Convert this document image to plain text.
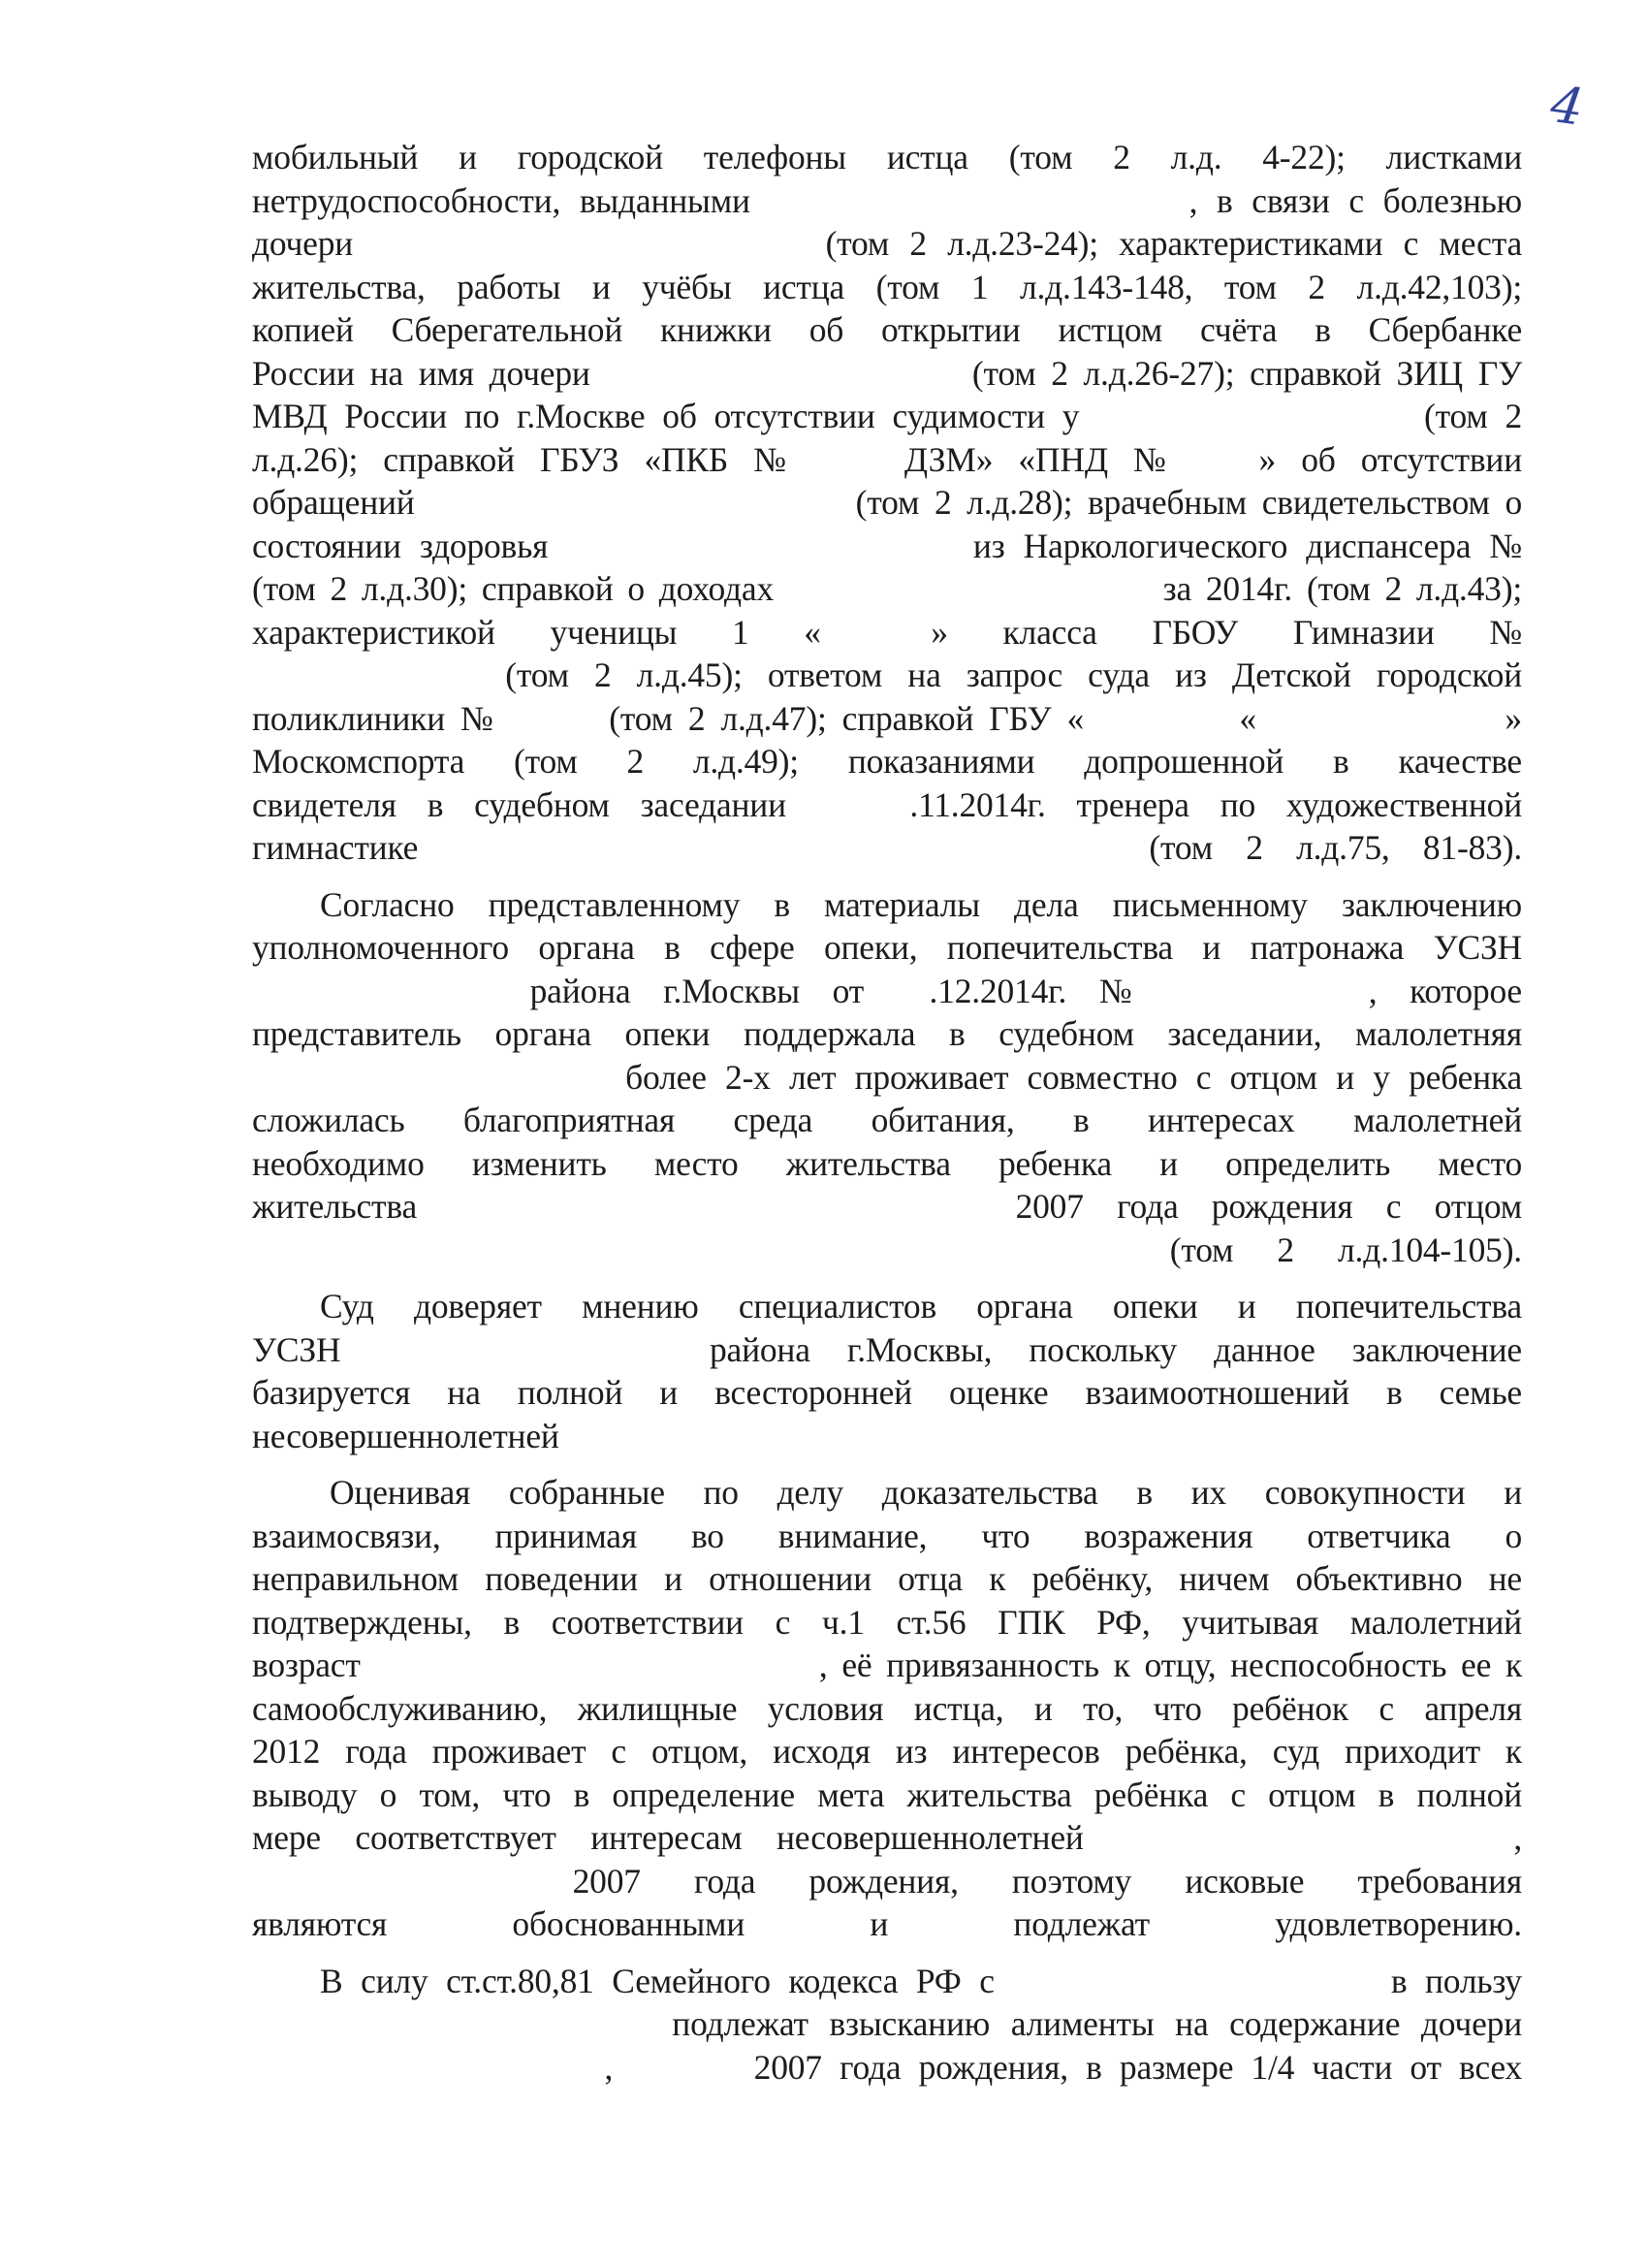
4
мобильный и городской телефоны истца (том 2 л.д. 4-22); листками
нетрудоспособности, выданными                       , в связи с болезнью
дочери                       (том 2 л.д.23-24); характеристиками с места
жительства, работы и учёбы истца (том 1 л.д.143-148, том 2 л.д.42,103);
копией Сберегательной книжки об открытии истцом счёта в Сбербанке
России на имя дочери                         (том 2 л.д.26-27); справкой ЗИЦ ГУ
МВД России по г.Москве об отсутствии судимости у                    (том 2
л.д.26); справкой ГБУЗ «ПКБ №    ДЗМ» «ПНД №   » об отсутствии
обращений                             (том 2 л.д.28); врачебным свидетельством о
состоянии здоровья                       из Наркологического диспансера №
(том 2 л.д.30); справкой о доходах                           за 2014г. (том 2 л.д.43);
характеристикой ученицы 1 «  » класса ГБОУ Гимназии №
(том 2 л.д.45); ответом на запрос суда из Детской городской
поликлиники №       (том 2 л.д.47); справкой ГБУ «          «                »
Москомспорта (том 2 л.д.49); показаниями допрошенной в качестве
свидетеля в судебном заседании    .11.2014г. тренера по художественной
гимнастике                      (том 2 л.д.75, 81-83).
Согласно представленному в материалы дела письменному заключению
уполномоченного органа в сфере опеки, попечительства и патронажа УСЗН
района  г.Москвы  от    .12.2014г.  №              ,  которое
представитель органа опеки поддержала в судебном заседании, малолетняя
более 2-х лет проживает совместно с отцом и у ребенка
сложилась благоприятная среда обитания, в интересах малолетней
необходимо изменить место жительства ребенка и определить место
жительства                                    2007  года  рождения  с  отцом
(том 2 л.д.104-105).
Суд доверяет мнению специалистов органа опеки и попечительства
УСЗН                    района  г.Москвы,  поскольку  данное  заключение
базируется на полной и всесторонней оценке взаимоотношений в семье
несовершеннолетней
Оценивая собранные по делу доказательства в их совокупности и
взаимосвязи, принимая во внимание, что возражения ответчика о
неправильном поведении и отношении отца к ребёнку, ничем объективно не
подтверждены, в соответствии с ч.1 ст.56 ГПК РФ, учитывая малолетний
возраст                                , её привязанность к отцу, неспособность ее к
самообслуживанию, жилищные условия истца, и то, что ребёнок с апреля
2012 года проживает с отцом, исходя из интересов ребёнка, суд приходит к
выводу о том, что в определение мета жительства ребёнка с отцом в полной
мере  соответствует  интересам  несовершеннолетней                         ,
2007 года рождения, поэтому исковые требования
являются обоснованными и подлежат удовлетворению.
В силу ст.ст.80,81 Семейного кодекса РФ с                      в пользу
подлежат взысканию алименты на содержание дочери
,        2007 года рождения, в размере 1/4 части от всех
